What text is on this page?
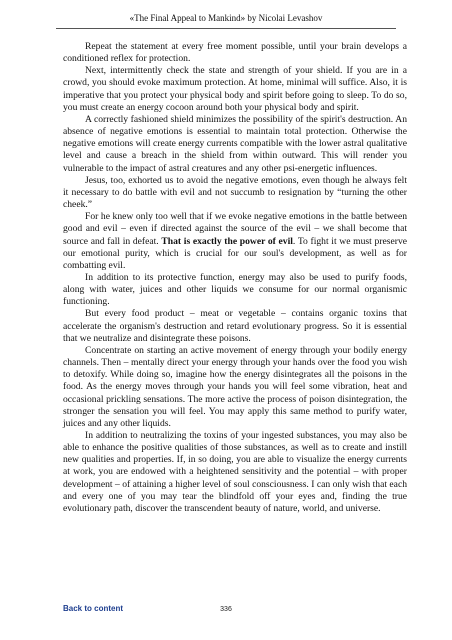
«The Final Appeal to Mankind» by Nicolai Levashov

Repeat the statement at every free moment possible, until your brain develops a conditioned reflex for protection.

Next, intermittently check the state and strength of your shield. If you are in a crowd, you should evoke maximum protection. At home, minimal will suffice. Also, it is imperative that you protect your physical body and spirit before going to sleep. To do so, you must create an energy cocoon around both your physical body and spirit.

A correctly fashioned shield minimizes the possibility of the spirit's destruction. An absence of negative emotions is essential to maintain total protection. Otherwise the negative emotions will create energy currents compatible with the lower astral qualitative level and cause a breach in the shield from within outward. This will render you vulnerable to the impact of astral creatures and any other psi-energetic influences.

Jesus, too, exhorted us to avoid the negative emotions, even though he always felt it necessary to do battle with evil and not succumb to resignation by “turning the other cheek.”

For he knew only too well that if we evoke negative emotions in the battle between good and evil – even if directed against the source of the evil – we shall become that source and fall in defeat. That is exactly the power of evil. To fight it we must preserve our emotional purity, which is crucial for our soul's development, as well as for combatting evil.

In addition to its protective function, energy may also be used to purify foods, along with water, juices and other liquids we consume for our normal organismic functioning.

But every food product – meat or vegetable – contains organic toxins that accelerate the organism's destruction and retard evolutionary progress. So it is essential that we neutralize and disintegrate these poisons.

Concentrate on starting an active movement of energy through your bodily energy channels. Then – mentally direct your energy through your hands over the food you wish to detoxify. While doing so, imagine how the energy disintegrates all the poisons in the food. As the energy moves through your hands you will feel some vibration, heat and occasional prickling sensations. The more active the process of poison disintegration, the stronger the sensation you will feel. You may apply this same method to purify water, juices and any other liquids.

In addition to neutralizing the toxins of your ingested substances, you may also be able to enhance the positive qualities of those substances, as well as to create and instill new qualities and properties. If, in so doing, you are able to visualize the energy currents at work, you are endowed with a heightened sensitivity and the potential – with proper development – of attaining a higher level of soul consciousness. I can only wish that each and every one of you may tear the blindfold off your eyes and, finding the true evolutionary path, discover the transcendent beauty of nature, world, and universe.

Back to content	336
